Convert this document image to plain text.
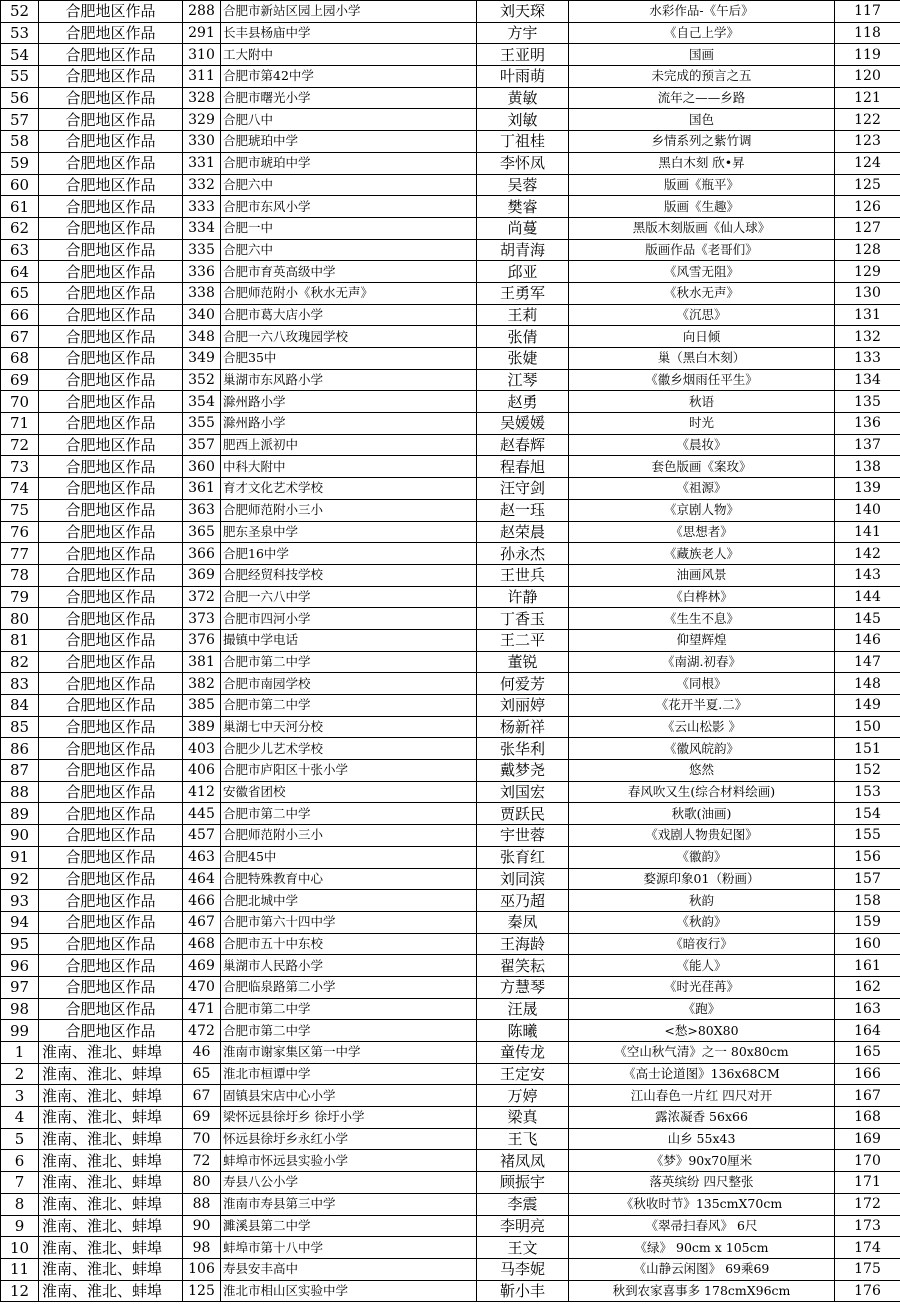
52	合肥地区作品	288	合肥市新站区园上园小学	刘天琛	水彩作品-《午后》	117
53	合肥地区作品	291	长丰县杨庙中学	方宇	《自己上学》	118
54	合肥地区作品	310	工大附中	王亚明	国画	119
55	合肥地区作品	311	合肥市第42中学	叶雨萌	未完成的预言之五	120
56	合肥地区作品	328	合肥市曙光小学	黄敏	流年之——乡路	121
57	合肥地区作品	329	合肥八中	刘敏	国色	122
58	合肥地区作品	330	合肥琥珀中学	丁祖桂	乡情系列之紫竹调	123
59	合肥地区作品	331	合肥市琥珀中学	李怀凤	黑白木刻 欣•昇	124
60	合肥地区作品	332	合肥六中	吴蓉	版画《瓶平》	125
61	合肥地区作品	333	合肥市东风小学	樊睿	版画《生趣》	126
62	合肥地区作品	334	合肥一中	尚蔓	黑版木刻版画《仙人球》	127
63	合肥地区作品	335	合肥六中	胡青海	版画作品《老哥们》	128
64	合肥地区作品	336	合肥市育英高级中学	邱亚	《风雪无阻》	129
65	合肥地区作品	338	合肥师范附小《秋水无声》	王勇军	《秋水无声》	130
66	合肥地区作品	340	合肥市葛大店小学	王莉	《沉思》	131
67	合肥地区作品	348	合肥一六八玫瑰园学校	张倩	向日倾	132
68	合肥地区作品	349	合肥35中	张婕	巢（黑白木刻）	133
69	合肥地区作品	352	巢湖市东风路小学	江琴	《徽乡烟雨任平生》	134
70	合肥地区作品	354	滁州路小学	赵勇	秋语	135
71	合肥地区作品	355	滁州路小学	吴媛媛	时光	136
72	合肥地区作品	357	肥西上派初中	赵春辉	《晨妆》	137
73	合肥地区作品	360	中科大附中	程春旭	套色版画《案玫》	138
74	合肥地区作品	361	育才文化艺术学校	汪守剑	《祖源》	139
75	合肥地区作品	363	合肥师范附小三小	赵一珏	《京剧人物》	140
76	合肥地区作品	365	肥东圣泉中学	赵荣晨	《思想者》	141
77	合肥地区作品	366	合肥16中学	孙永杰	《藏族老人》	142
78	合肥地区作品	369	合肥经贸科技学校	王世兵	油画风景	143
79	合肥地区作品	372	合肥一六八中学	许静	《白桦林》	144
80	合肥地区作品	373	合肥市四河小学	丁香玉	《生生不息》	145
81	合肥地区作品	376	撮镇中学电话	王二平	仰望辉煌	146
82	合肥地区作品	381	合肥市第二中学	董锐	《南湖.初春》	147
83	合肥地区作品	382	合肥市南园学校	何爱芳	《同根》	148
84	合肥地区作品	385	合肥市第二中学	刘丽婷	《花开半夏.二》	149
85	合肥地区作品	389	巢湖七中天河分校	杨新祥	《云山松影 》	150
86	合肥地区作品	403	合肥少儿艺术学校	张华利	《徽风皖韵》	151
87	合肥地区作品	406	合肥市庐阳区十张小学	戴梦尧	悠然	152
88	合肥地区作品	412	安徽省团校	刘国宏	春风吹又生(综合材料绘画)	153
89	合肥地区作品	445	合肥市第二中学	贾跃民	秋歌(油画)	154
90	合肥地区作品	457	合肥师范附小三小	宇世蓉	《戏剧人物贵妃图》	155
91	合肥地区作品	463	合肥45中	张育红	《徽韵》	156
92	合肥地区作品	464	合肥特殊教育中心	刘同滨	婺源印象01（粉画）	157
93	合肥地区作品	466	合肥北城中学	巫乃超	秋韵	158
94	合肥地区作品	467	合肥市第六十四中学	秦凤	《秋韵》	159
95	合肥地区作品	468	合肥市五十中东校	王海龄	《暗夜行》	160
96	合肥地区作品	469	巢湖市人民路小学	翟笑耘	《能人》	161
97	合肥地区作品	470	合肥临泉路第二小学	方慧琴	《时光荏苒》	162
98	合肥地区作品	471	合肥市第二中学	汪晟	《跑》	163
99	合肥地区作品	472	合肥市第二中学	陈曦	<愁>80X80	164
1	淮南、淮北、蚌埠	46	淮南市谢家集区第一中学	童传龙	《空山秋气清》之一 80x80cm	165
2	淮南、淮北、蚌埠	65	淮北市桓谭中学	王定安	《高士论道图》136x68CM	166
3	淮南、淮北、蚌埠	67	固镇县宋店中心小学	万婷	江山春色一片红 四尺对开	167
4	淮南、淮北、蚌埠	69	梁怀远县徐圩乡 徐圩小学	梁真	露浓凝香 56x66	168
5	淮南、淮北、蚌埠	70	怀远县徐圩乡永红小学	王飞	山乡 55x43	169
6	淮南、淮北、蚌埠	72	蚌埠市怀远县实验小学	褚凤凤	《梦》90x70厘米	170
7	淮南、淮北、蚌埠	80	寿县八公小学	顾振宇	落英缤纷 四尺整张	171
8	淮南、淮北、蚌埠	88	淮南市寿县第三中学	李震	《秋收时节》135cmX70cm	172
9	淮南、淮北、蚌埠	90	濉溪县第二中学	李明亮	《翠帚扫春风》 6尺	173
10	淮南、淮北、蚌埠	98	蚌埠市第十八中学	王文	《绿》 90cm x 105cm	174
11	淮南、淮北、蚌埠	106	寿县安丰高中	马李妮	《山静云闲图》 69乘69	175
12	淮南、淮北、蚌埠	125	淮北市相山区实验中学	靳小丰	秋到农家喜事多 178cmX96cm	176
